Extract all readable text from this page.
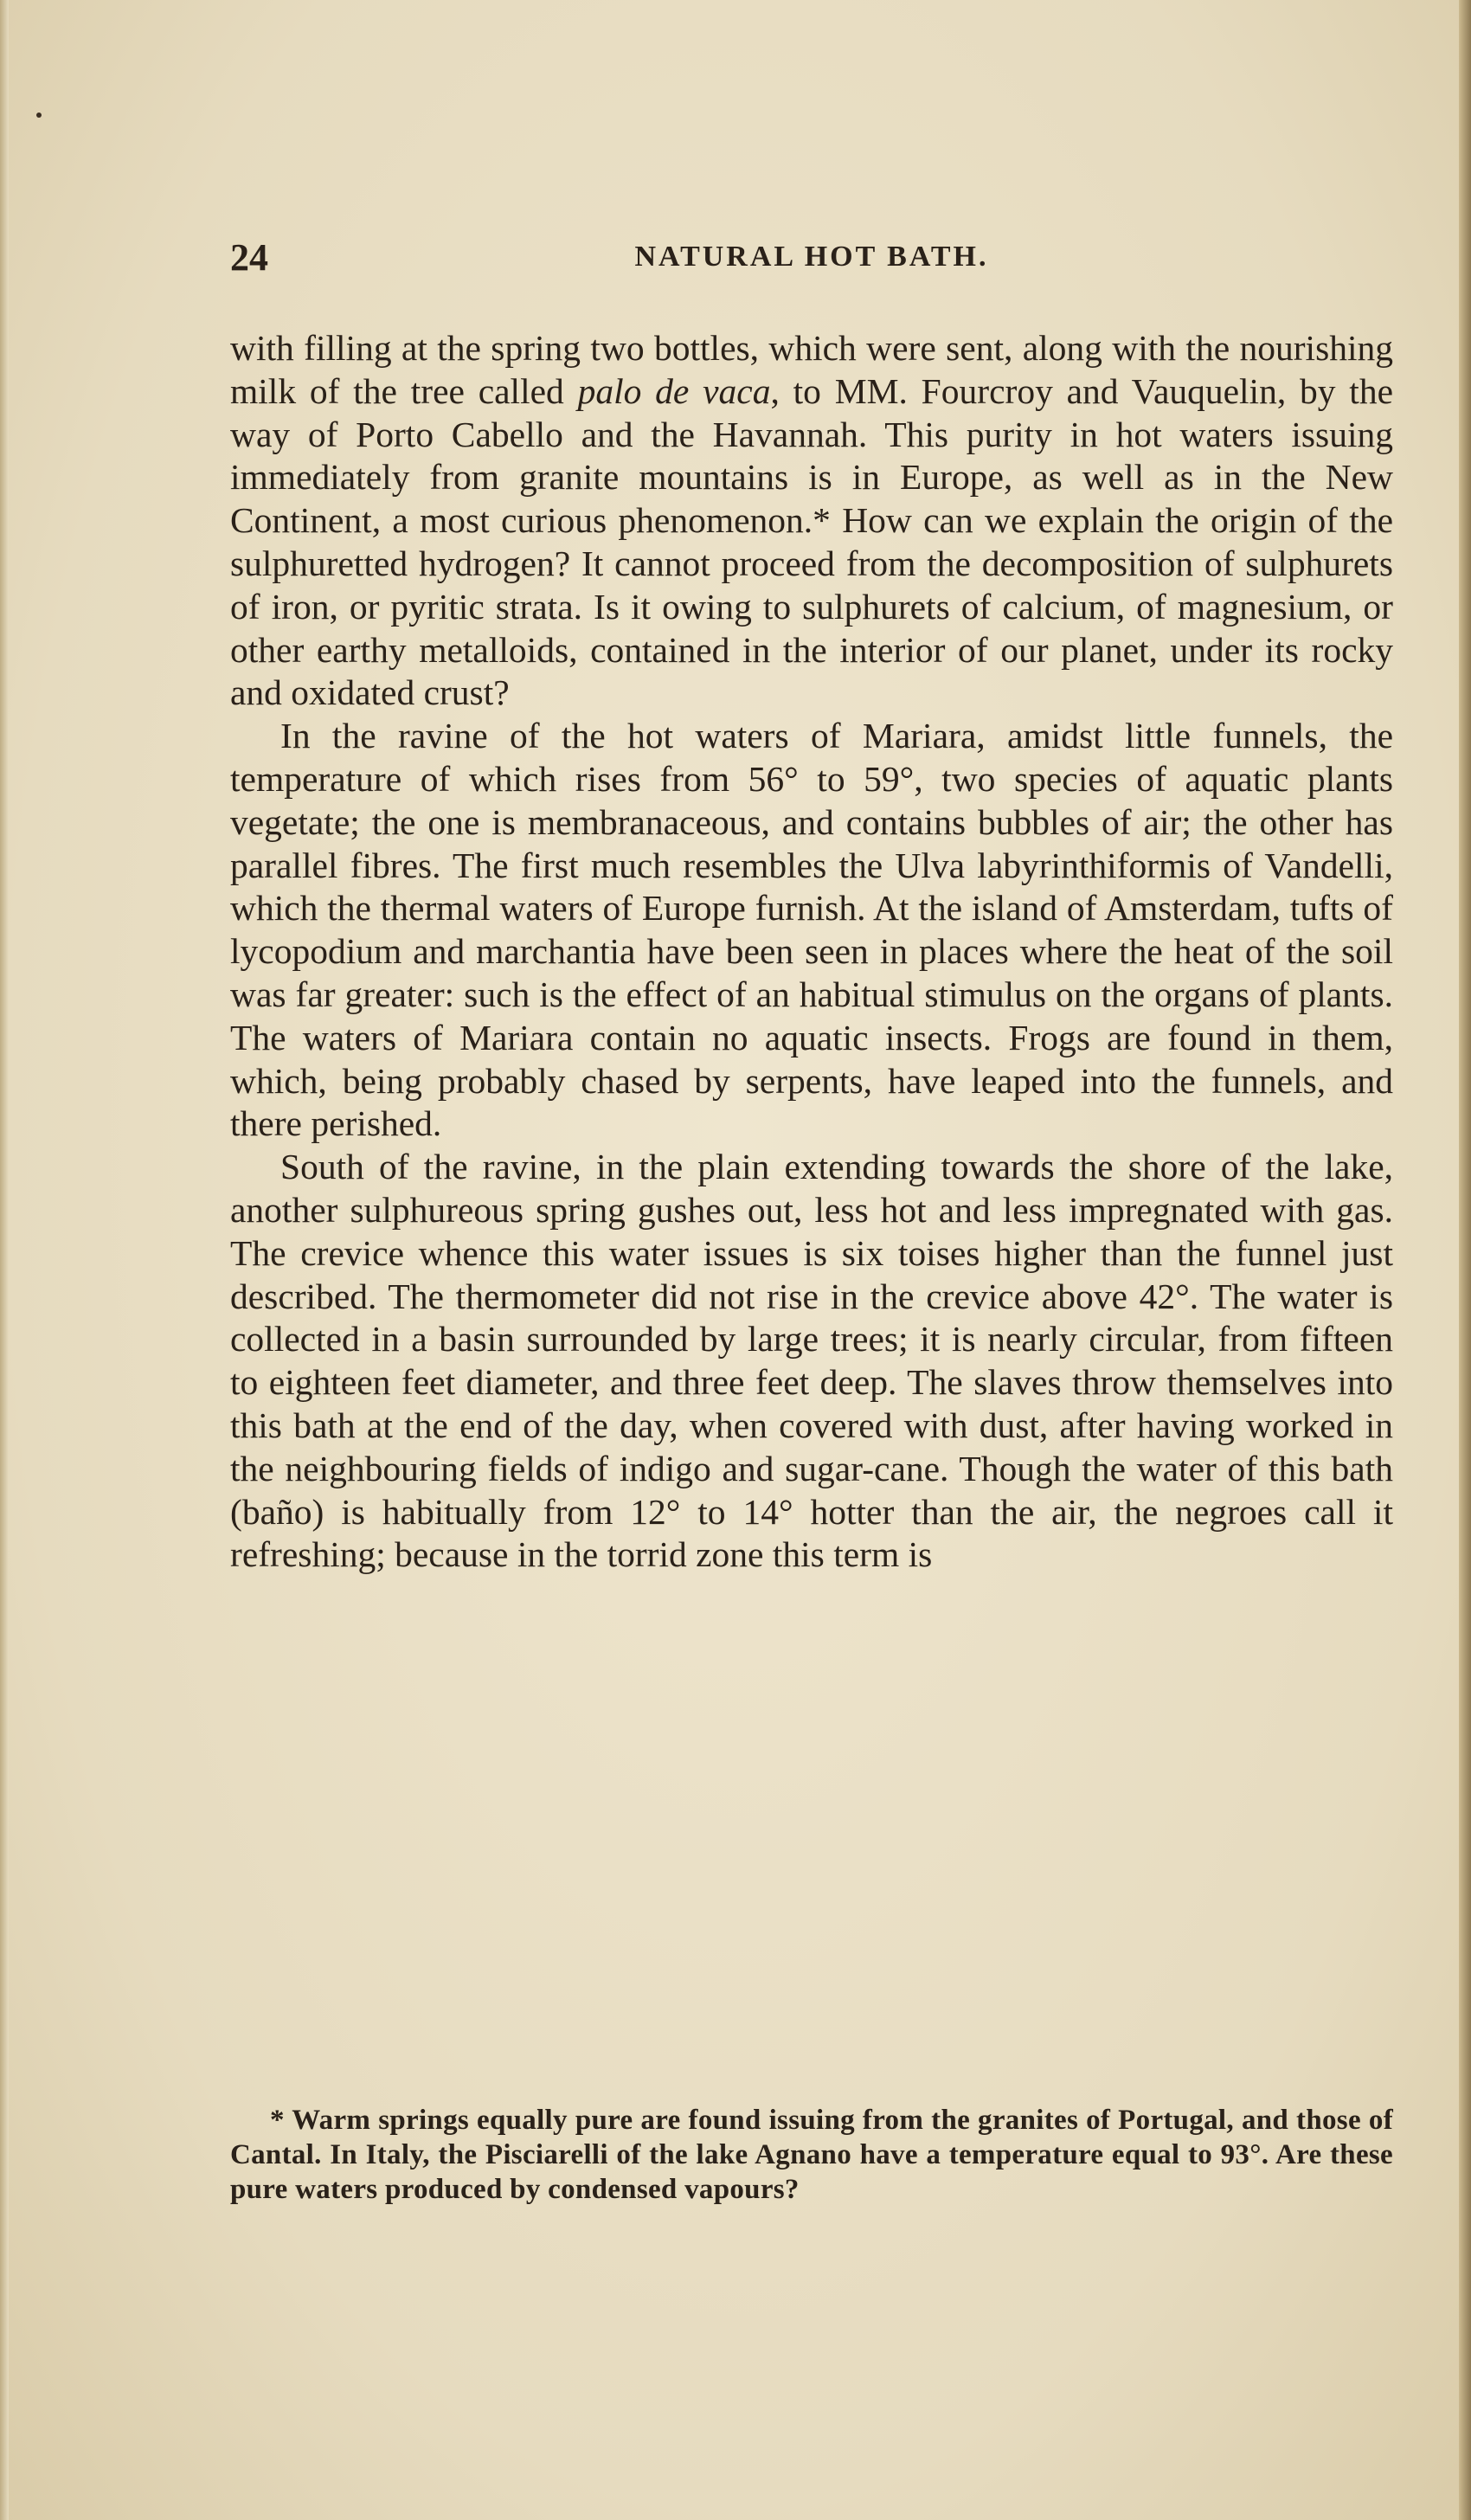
24	NATURAL HOT BATH.

with filling at the spring two bottles, which were sent, along with the nourishing milk of the tree called palo de vaca, to MM. Fourcroy and Vauquelin, by the way of Porto Cabello and the Havannah. This purity in hot waters issuing immediately from granite mountains is in Europe, as well as in the New Continent, a most curious phenomenon.* How can we explain the origin of the sulphuretted hydrogen? It cannot proceed from the decomposition of sulphurets of iron, or pyritic strata. Is it owing to sulphurets of calcium, of magnesium, or other earthy metalloids, contained in the interior of our planet, under its rocky and oxidated crust?

In the ravine of the hot waters of Mariara, amidst little funnels, the temperature of which rises from 56° to 59°, two species of aquatic plants vegetate; the one is membranaceous, and contains bubbles of air; the other has parallel fibres. The first much resembles the Ulva labyrinthiformis of Vandelli, which the thermal waters of Europe furnish. At the island of Amsterdam, tufts of lycopodium and marchantia have been seen in places where the heat of the soil was far greater: such is the effect of an habitual stimulus on the organs of plants. The waters of Mariara contain no aquatic insects. Frogs are found in them, which, being probably chased by serpents, have leaped into the funnels, and there perished.

South of the ravine, in the plain extending towards the shore of the lake, another sulphureous spring gushes out, less hot and less impregnated with gas. The crevice whence this water issues is six toises higher than the funnel just described. The thermometer did not rise in the crevice above 42°. The water is collected in a basin surrounded by large trees; it is nearly circular, from fifteen to eighteen feet diameter, and three feet deep. The slaves throw themselves into this bath at the end of the day, when covered with dust, after having worked in the neighbouring fields of indigo and sugar-cane. Though the water of this bath (baño) is habitually from 12° to 14° hotter than the air, the negroes call it refreshing; because in the torrid zone this term is

* Warm springs equally pure are found issuing from the granites of Portugal, and those of Cantal. In Italy, the Pisciarelli of the lake Agnano have a temperature equal to 93°. Are these pure waters produced by condensed vapours?
